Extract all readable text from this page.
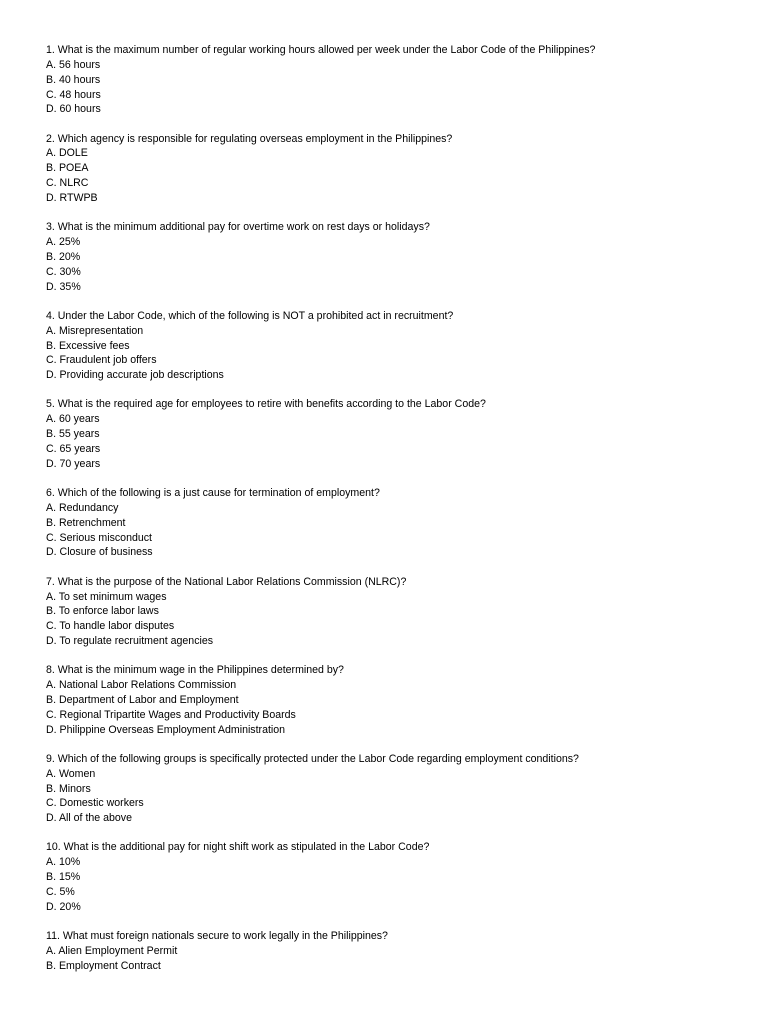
1. What is the maximum number of regular working hours allowed per week under the Labor Code of the Philippines?
A. 56 hours
B. 40 hours
C. 48 hours
D. 60 hours
2. Which agency is responsible for regulating overseas employment in the Philippines?
A. DOLE
B. POEA
C. NLRC
D. RTWPB
3. What is the minimum additional pay for overtime work on rest days or holidays?
A. 25%
B. 20%
C. 30%
D. 35%
4. Under the Labor Code, which of the following is NOT a prohibited act in recruitment?
A. Misrepresentation
B. Excessive fees
C. Fraudulent job offers
D. Providing accurate job descriptions
5. What is the required age for employees to retire with benefits according to the Labor Code?
A. 60 years
B. 55 years
C. 65 years
D. 70 years
6. Which of the following is a just cause for termination of employment?
A. Redundancy
B. Retrenchment
C. Serious misconduct
D. Closure of business
7. What is the purpose of the National Labor Relations Commission (NLRC)?
A. To set minimum wages
B. To enforce labor laws
C. To handle labor disputes
D. To regulate recruitment agencies
8. What is the minimum wage in the Philippines determined by?
A. National Labor Relations Commission
B. Department of Labor and Employment
C. Regional Tripartite Wages and Productivity Boards
D. Philippine Overseas Employment Administration
9. Which of the following groups is specifically protected under the Labor Code regarding employment conditions?
A. Women
B. Minors
C. Domestic workers
D. All of the above
10. What is the additional pay for night shift work as stipulated in the Labor Code?
A. 10%
B. 15%
C. 5%
D. 20%
11. What must foreign nationals secure to work legally in the Philippines?
A. Alien Employment Permit
B. Employment Contract
